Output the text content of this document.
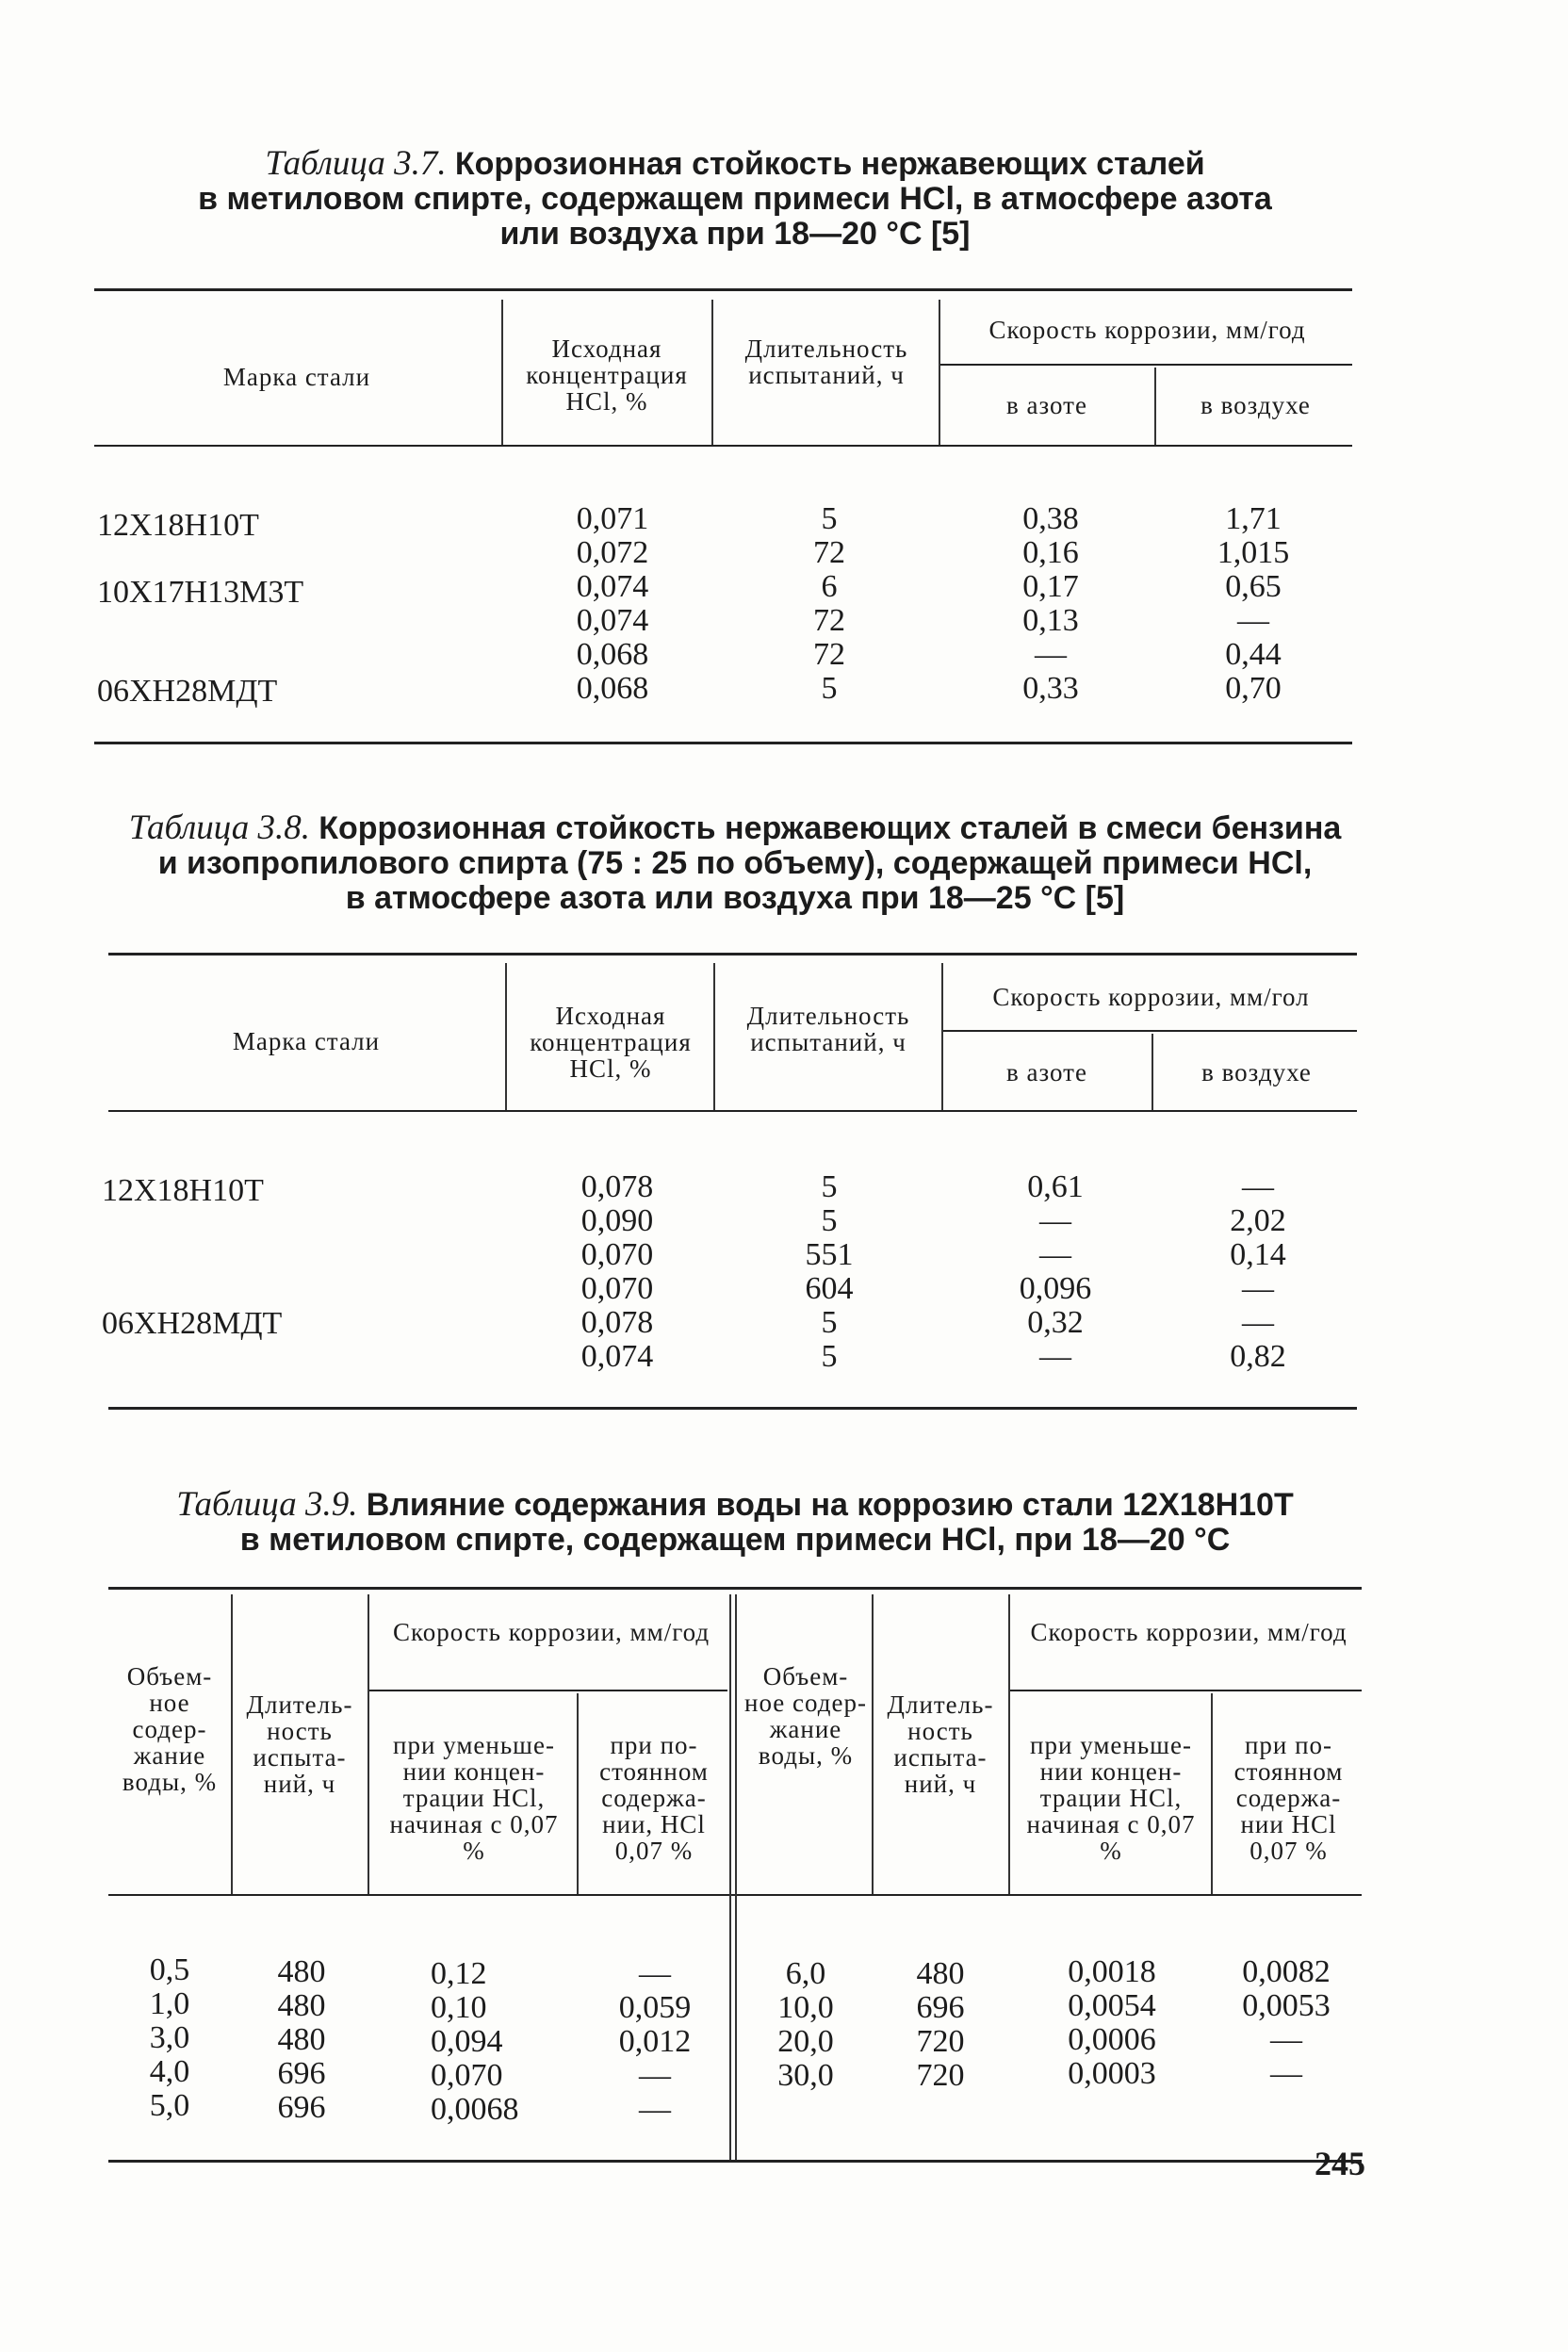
Таблица 3.7. Коррозионная стойкость нержавеющих сталей
в метиловом спирте, содержащем примеси HCl, в атмосфере азота
или воздуха при 18—20 °С [5]
Марка стали
Исходная концентрация HCl, %
Длительность испытаний, ч
Скорость коррозии, мм/год
в азоте	в воздухе
12Х18Н10Т
10Х17Н13М3Т
06ХН28МДТ
0,071
0,072
0,074
0,074
0,068
0,068
5
72
6
72
72
5
0,38
0,16
0,17
0,13
—
0,33
1,71
1,015
0,65
—
0,44
0,70
Таблица 3.8. Коррозионная стойкость нержавеющих сталей в смеси бензина
и изопропилового спирта (75 : 25 по объему), содержащей примеси HCl,
в атмосфере азота или воздуха при 18—25 °С [5]
Марка стали
Исходная концентрация HCl, %
Длительность испытаний, ч
Скорость коррозии, мм/гол
в азоте	в воздухе
12Х18Н10Т
06ХН28МДТ
0,078
0,090
0,070
0,070
0,078
0,074
5
5
551
604
5
5
0,61
—
—
0,096
0,32
—
—
2,02
0,14
—
—
0,82
Таблица 3.9. Влияние содержания воды на коррозию стали 12Х18Н10Т
в метиловом спирте, содержащем примеси HCl, при 18—20 °С
Объем-ное содер-жание воды, %
Длитель-ность испыта-ний, ч
Скорость коррозии, мм/год
при уменьше-нии концен-трации HCl, начиная с 0,07 %
при по-стоянном содержа-нии, HCl 0,07 %
Объем-ное содер-жание воды, %
Длитель-ность испыта-ний, ч
Скорость коррозии, мм/год
при уменьше-нии концен-трации HCl, начиная с 0,07 %
при по-стоянном содержа-нии HCl 0,07 %
0,5
1,0
3,0
4,0
5,0
480
480
480
696
696
0,12
0,10
0,094
0,070
0,0068
—
0,059
0,012
—
—
6,0
10,0
20,0
30,0
480
696
720
720
0,0018
0,0054
0,0006
0,0003
0,0082
0,0053
—
—
245
